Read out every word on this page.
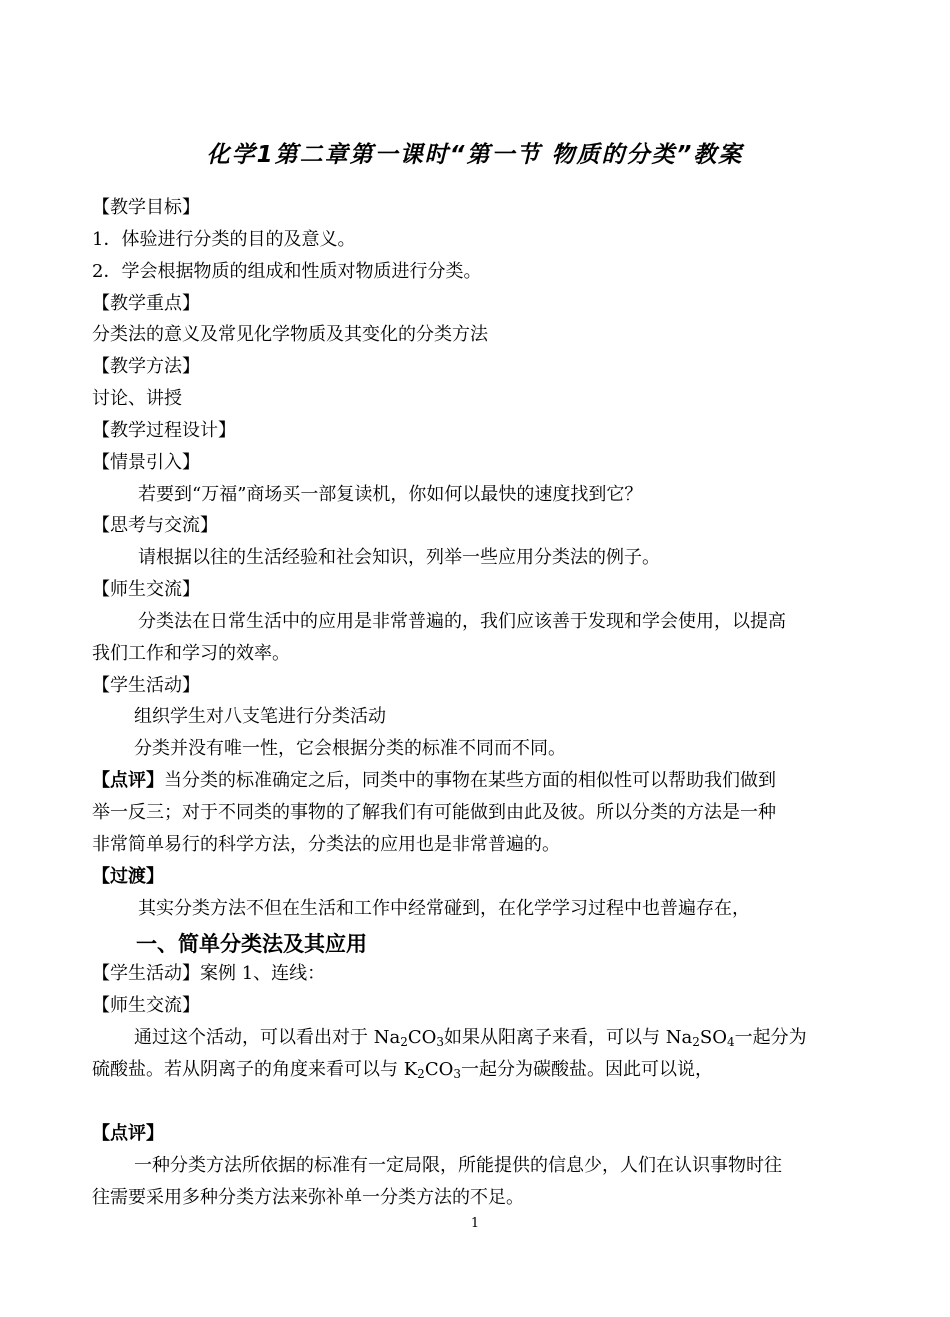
化学1第二章第一课时“第一节 物质的分类”教案
【教学目标】
1．体验进行分类的目的及意义。
2．学会根据物质的组成和性质对物质进行分类。
【教学重点】
分类法的意义及常见化学物质及其变化的分类方法
【教学方法】
讨论、讲授
【教学过程设计】
【情景引入】
若要到“万福”商场买一部复读机，你如何以最快的速度找到它？
【思考与交流】
请根据以往的生活经验和社会知识，列举一些应用分类法的例子。
【师生交流】
分类法在日常生活中的应用是非常普遍的，我们应该善于发现和学会使用，以提高
我们工作和学习的效率。
【学生活动】
组织学生对八支笔进行分类活动
分类并没有唯一性，它会根据分类的标准不同而不同。
【点评】当分类的标准确定之后，同类中的事物在某些方面的相似性可以帮助我们做到
举一反三；对于不同类的事物的了解我们有可能做到由此及彼。所以分类的方法是一种
非常简单易行的科学方法，分类法的应用也是非常普遍的。
【过渡】
其实分类方法不但在生活和工作中经常碰到，在化学学习过程中也普遍存在，
一、简单分类法及其应用
【学生活动】案例 1、连线：
【师生交流】
通过这个活动，可以看出对于 $Na_2CO_3$如果从阳离子来看，可以与 $Na_2SO_4$一起分为
硫酸盐。若从阴离子的角度来看可以与 $K_2CO_3$一起分为碳酸盐。因此可以说，
【点评】
一种分类方法所依据的标准有一定局限，所能提供的信息少，人们在认识事物时往
往需要采用多种分类方法来弥补单一分类方法的不足。
1
